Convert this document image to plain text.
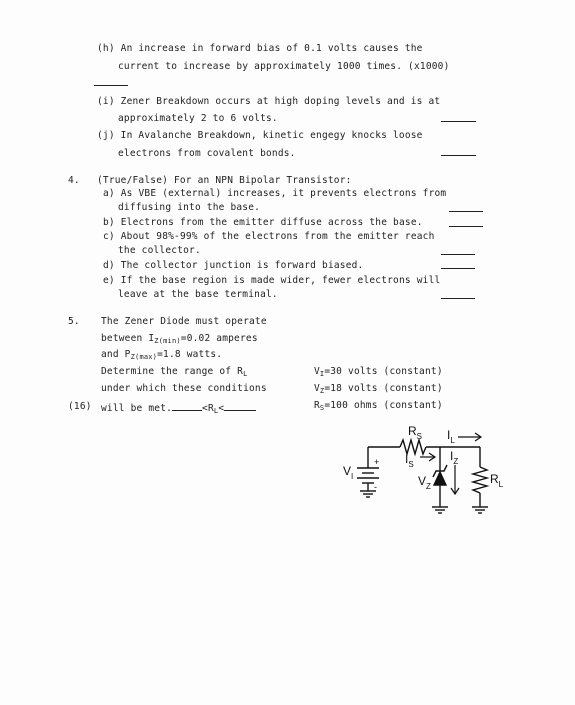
(h) An increase in forward bias of 0.1 volts causes the
current to increase by approximately 1000 times. (x1000)
(i) Zener Breakdown occurs at high doping levels and is at
approximately 2 to 6 volts.
(j) In Avalanche Breakdown, kinetic engegy knocks loose
electrons from covalent bonds.
4. (True/False) For an NPN Bipolar Transistor:
a) As VBE (external) increases, it prevents electrons from
diffusing into the base.
b) Electrons from the emitter diffuse across the base.
c) About 98%-99% of the electrons from the emitter reach
the collector.
d) The collector junction is forward biased.
e) If the base region is made wider, fewer electrons will
leave at the base terminal.
5. The Zener Diode must operate
between $I_{Z(min)}=0.02$ amperes
and $P_{Z(max)}=1.8$ watts.
Determine the range of $R_L$
under which these conditions
(16) will be met.	$<R_L<$
$V_I=30$ volts (constant)
$V_Z=18$ volts (constant)
$R_S=100$ ohms (constant)
+
-
$V_I$
$R_S$ $I_L$
$I_S$
$V_Z$
$I_Z$
$R_L$
